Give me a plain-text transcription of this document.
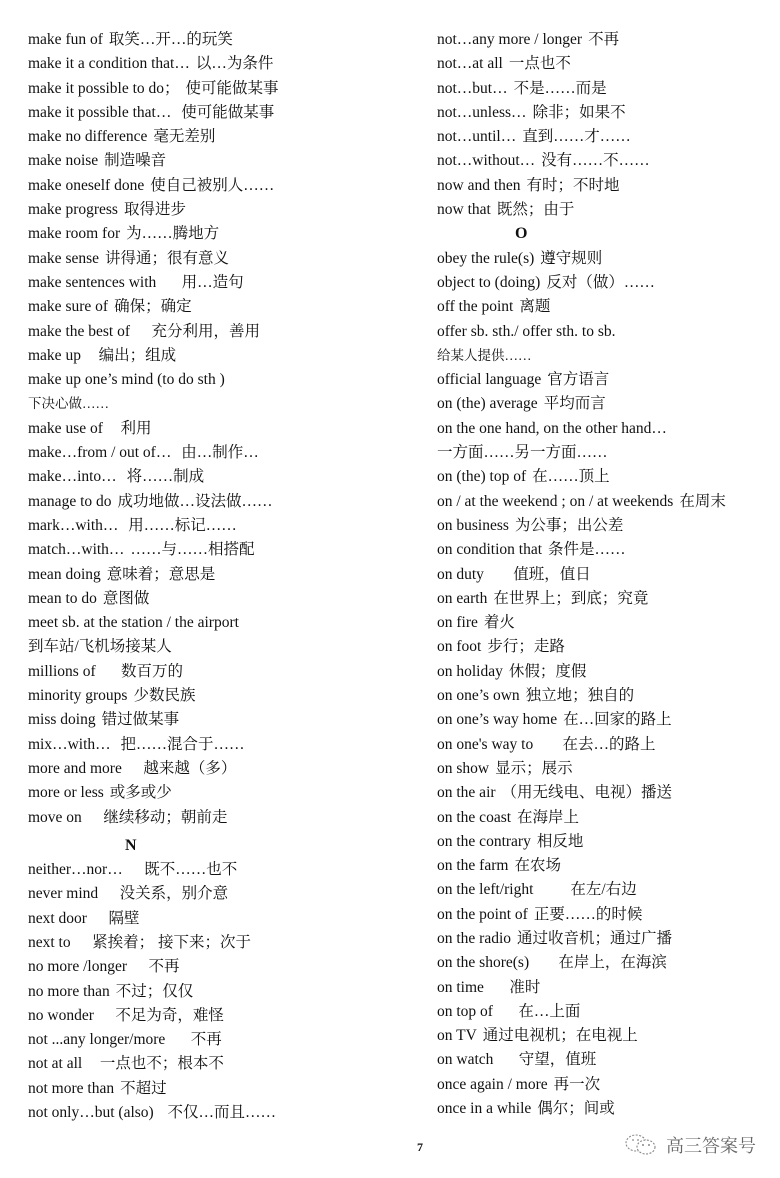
make fun of 取笑…开…的玩笑
make it a condition that… 以…为条件
make it possible to do； 使可能做某事
make it possible that… 使可能做某事
make no difference 毫无差别
make noise 制造噪音
make oneself done 使自己被别人……
make progress 取得进步
make room for 为……腾地方
make sense 讲得通；很有意义
make sentences with     用…造句
make sure of 确保；确定
make the best of    充分利用，善用
make up   编出；组成
make up one’s mind (to do sth )
下决心做……
make use of   利用
make…from / out of… 由…制作…
make…into… 将……制成
manage to do 成功地做…设法做……
mark…with… 用……标记……
match…with… ……与……相搭配
mean doing 意味着；意思是
mean to do 意图做
meet sb. at the station / the airport
到车站/飞机场接某人
millions of     数百万的
minority groups 少数民族
miss doing 错过做某事
mix…with… 把……混合于……
more and more    越来越（多）
more or less 或多或少
move on    继续移动；朝前走
N
neither…nor…    既不……也不
never mind    没关系，别介意
next door    隔壁
next to    紧挨着； 接下来；次于
no more /longer    不再
no more than 不过；仅仅
no wonder    不足为奇，难怪
not ...any longer/more     不再
not at all   一点也不；根本不
not more than 不超过
not only…but (also)  不仅…而且……
not…any more / longer 不再
not…at all 一点也不
not…but… 不是……而是
not…unless… 除非；如果不
not…until… 直到……才……
not…without… 没有……不……
now and then 有时；不时地
now that 既然；由于
O
obey the rule(s) 遵守规则
object to (doing) 反对（做）……
off the point 离题
offer sb. sth./ offer sth. to sb.
给某人提供……
official language 官方语言
on (the) average 平均而言
on the one hand, on the other hand…
一方面……另一方面……
on (the) top of 在……顶上
on / at the weekend ; on / at weekends 在周末
on business 为公事；出公差
on condition that 条件是……
on duty      值班，值日
on earth 在世界上；到底；究竟
on fire 着火
on foot 步行；走路
on holiday 休假；度假
on one’s own 独立地；独自的
on one’s way home 在…回家的路上
on one's way to      在去…的路上
on show 显示；展示
on the air （用无线电、电视）播送
on the coast 在海岸上
on the contrary 相反地
on the farm 在农场
on the left/right        在左/右边
on the point of 正要……的时候
on the radio 通过收音机；通过广播
on the shore(s)      在岸上，在海滨
on time     准时
on top of     在…上面
on TV 通过电视机；在电视上
on watch     守望，值班
once again / more 再一次
once in a while 偶尔；间或
7	高三答案号
